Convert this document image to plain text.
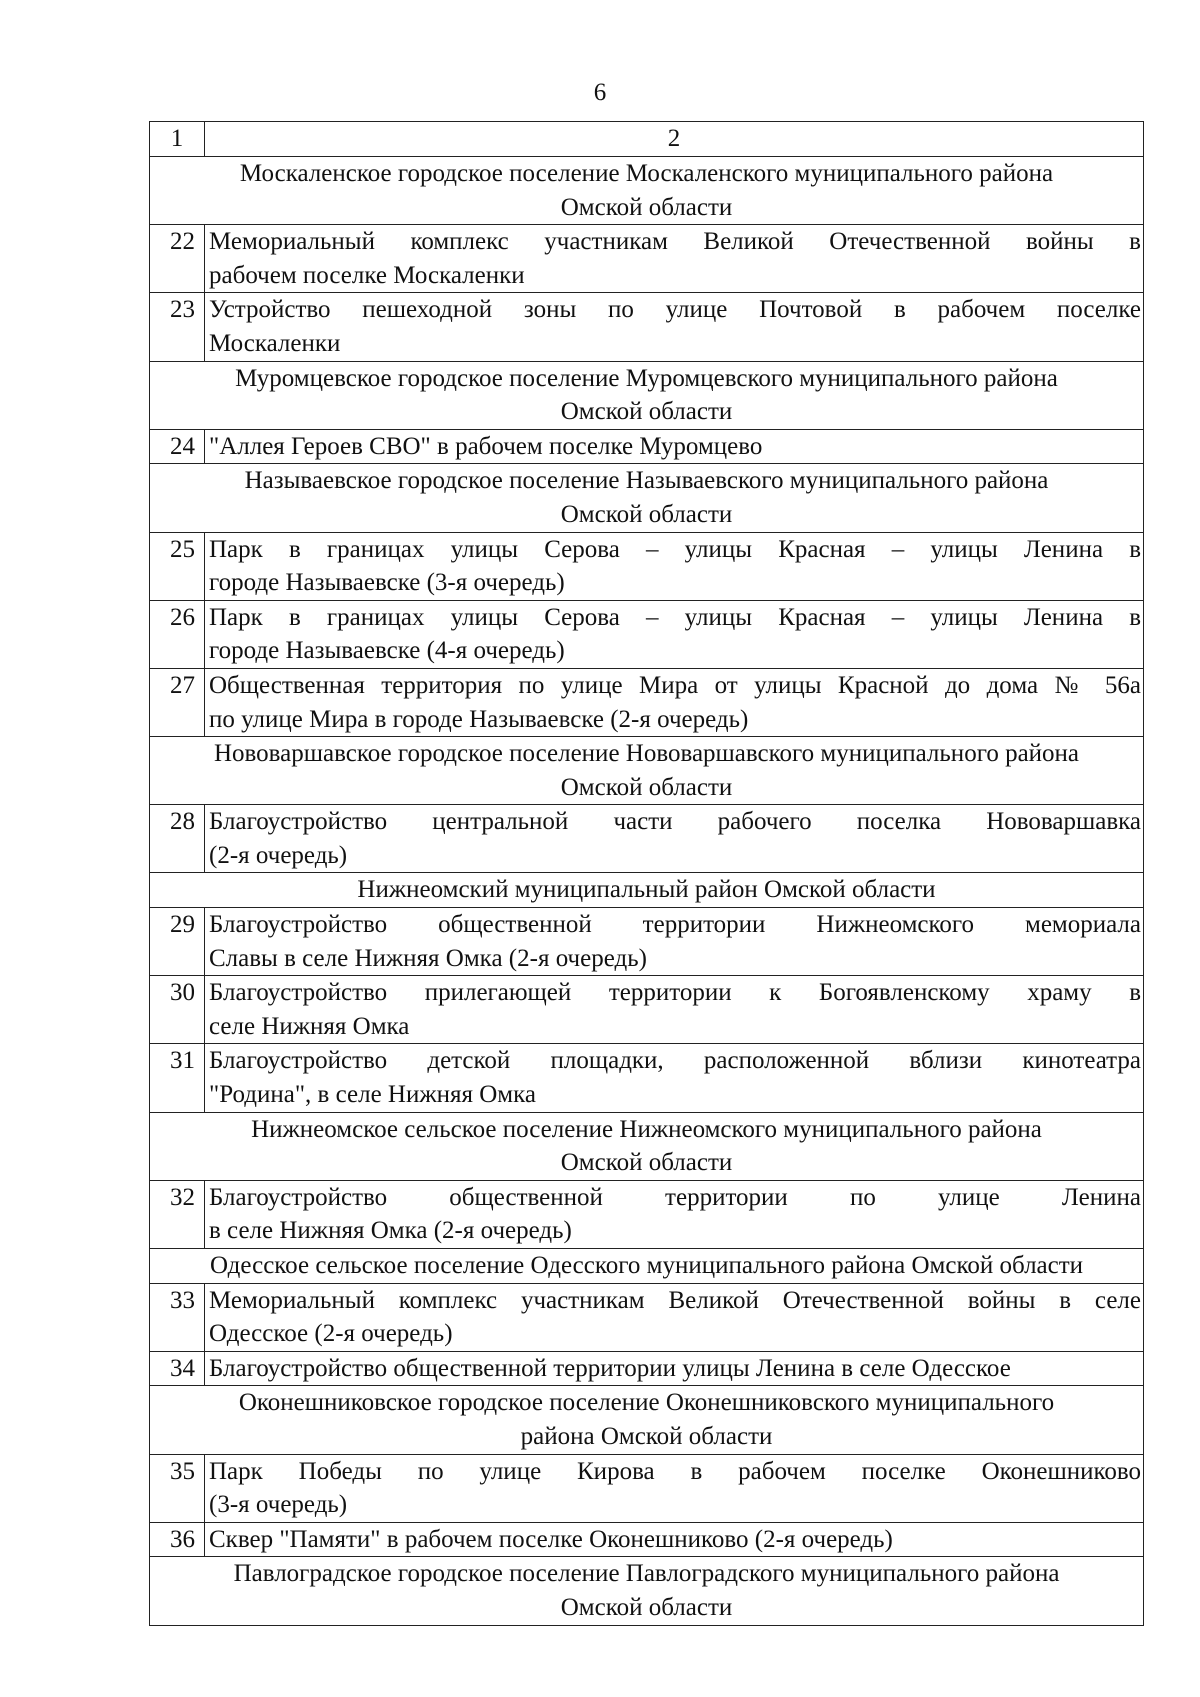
6
1	2

Москаленское городское поселение Москаленского муниципального района
Омской области	

22	Мемориальный комплекс участникам Великой Отечественной войны в
рабочем поселке Москаленки

23	Устройство пешеходной зоны по улице Почтовой в рабочем поселке
Москаленки

Муромцевское городское поселение Муромцевского муниципального района
Омской области	

24	"Аллея Героев СВО" в рабочем поселке Муромцево

Называевское городское поселение Называевского муниципального района
Омской области	

25	Парк в границах улицы Серова – улицы Красная – улицы Ленина в
городе Называевске (3-я очередь)

26	Парк в границах улицы Серова – улицы Красная – улицы Ленина в
городе Называевске (4-я очередь)

27	Общественная территория по улице Мира от улицы Красной до дома № 56а
по улице Мира в городе Называевске (2-я очередь)

Нововаршавское городское поселение Нововаршавского муниципального района
Омской области	

28	Благоустройство центральной части рабочего поселка Нововаршавка
(2-я очередь)

Нижнеомский муниципальный район Омской области	

29	Благоустройство общественной территории Нижнеомского мемориала
Славы в селе Нижняя Омка (2-я очередь)

30	Благоустройство прилегающей территории к Богоявленскому храму в
селе Нижняя Омка

31	Благоустройство детской площадки, расположенной вблизи кинотеатра
"Родина", в селе Нижняя Омка

Нижнеомское сельское поселение Нижнеомского муниципального района
Омской области	

32	Благоустройство общественной территории по улице Ленина
в селе Нижняя Омка (2-я очередь)

Одесское сельское поселение Одесского муниципального района Омской области	

33	Мемориальный комплекс участникам Великой Отечественной войны в селе
Одесское (2-я очередь)

34	Благоустройство общественной территории улицы Ленина в селе Одесское

Оконешниковское городское поселение Оконешниковского муниципального
района Омской области	

35	Парк Победы по улице Кирова в рабочем поселке Оконешниково
(3-я очередь)

36	Сквер "Памяти" в рабочем поселке Оконешниково (2-я очередь)

Павлоградское городское поселение Павлоградского муниципального района
Омской области	
